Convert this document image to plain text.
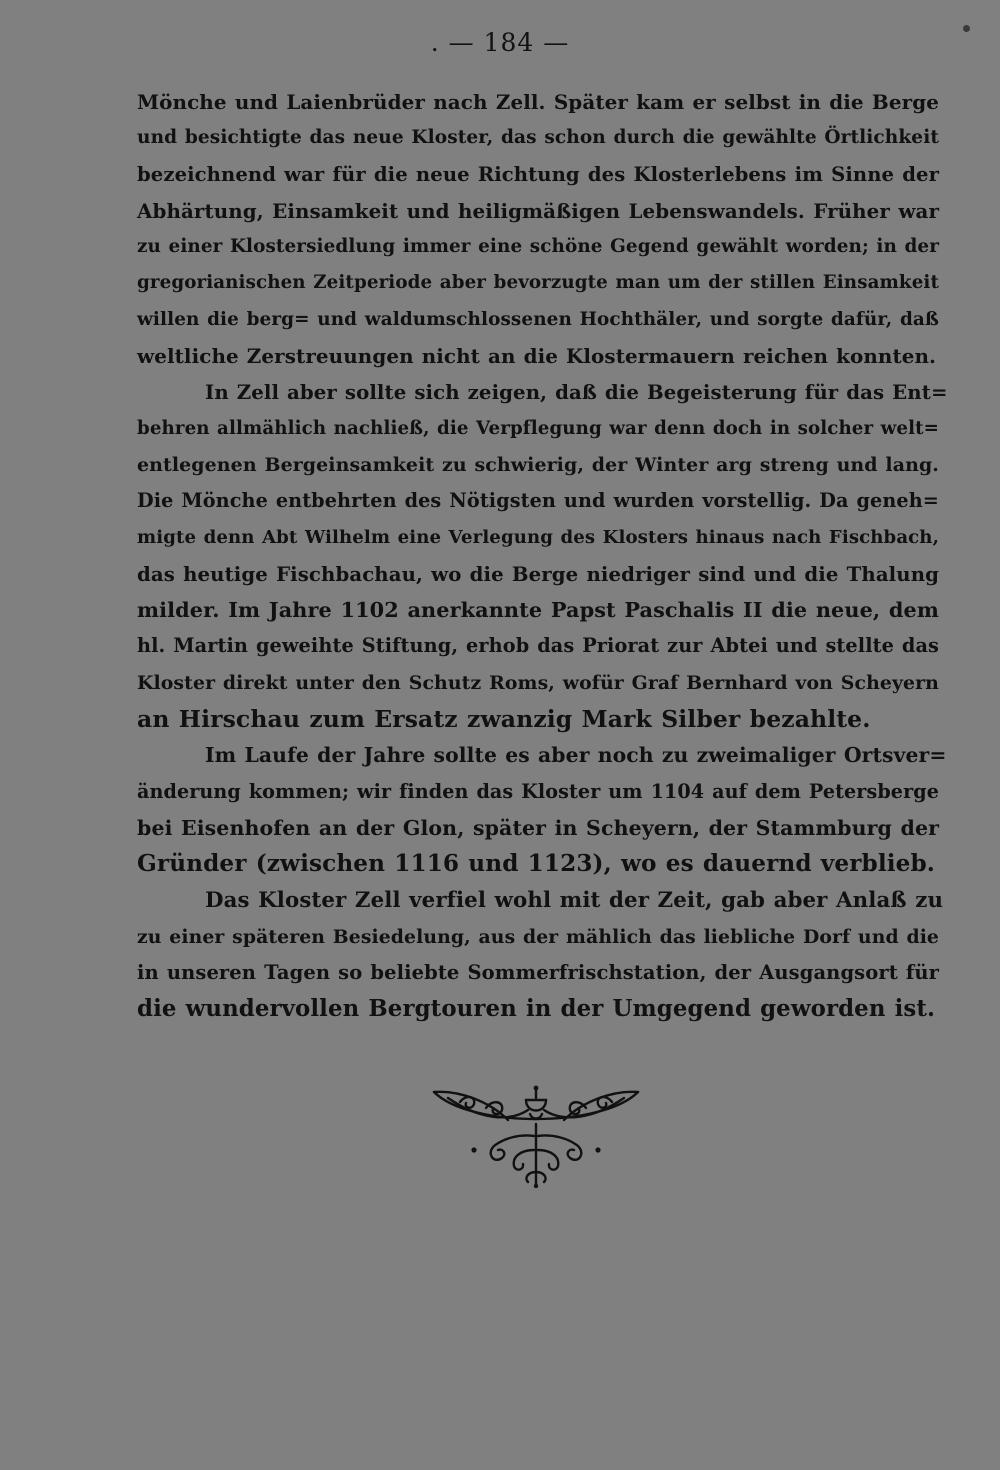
. — 184 —
Mönche und Laienbrüder nach Zell. Später kam er selbst in die Berge
und besichtigte das neue Kloster, das schon durch die gewählte Örtlichkeit
bezeichnend war für die neue Richtung des Klosterlebens im Sinne der
Abhärtung, Einsamkeit und heiligmäßigen Lebenswandels. Früher war
zu einer Klostersiedlung immer eine schöne Gegend gewählt worden; in der
gregorianischen Zeitperiode aber bevorzugte man um der stillen Einsamkeit
willen die berg= und waldumschlossenen Hochthäler, und sorgte dafür, daß
weltliche Zerstreuungen nicht an die Klostermauern reichen konnten.
In Zell aber sollte sich zeigen, daß die Begeisterung für das Ent=
behren allmählich nachließ, die Verpflegung war denn doch in solcher welt=
entlegenen Bergeinsamkeit zu schwierig, der Winter arg streng und lang.
Die Mönche entbehrten des Nötigsten und wurden vorstellig. Da geneh=
migte denn Abt Wilhelm eine Verlegung des Klosters hinaus nach Fischbach,
das heutige Fischbachau, wo die Berge niedriger sind und die Thalung
milder. Im Jahre 1102 anerkannte Papst Paschalis II die neue, dem
hl. Martin geweihte Stiftung, erhob das Priorat zur Abtei und stellte das
Kloster direkt unter den Schutz Roms, wofür Graf Bernhard von Scheyern
an Hirschau zum Ersatz zwanzig Mark Silber bezahlte.
Im Laufe der Jahre sollte es aber noch zu zweimaliger Ortsver=
änderung kommen; wir finden das Kloster um 1104 auf dem Petersberge
bei Eisenhofen an der Glon, später in Scheyern, der Stammburg der
Gründer (zwischen 1116 und 1123), wo es dauernd verblieb.
Das Kloster Zell verfiel wohl mit der Zeit, gab aber Anlaß zu
zu einer späteren Besiedelung, aus der mählich das liebliche Dorf und die
in unseren Tagen so beliebte Sommerfrischstation, der Ausgangsort für
die wundervollen Bergtouren in der Umgegend geworden ist.
